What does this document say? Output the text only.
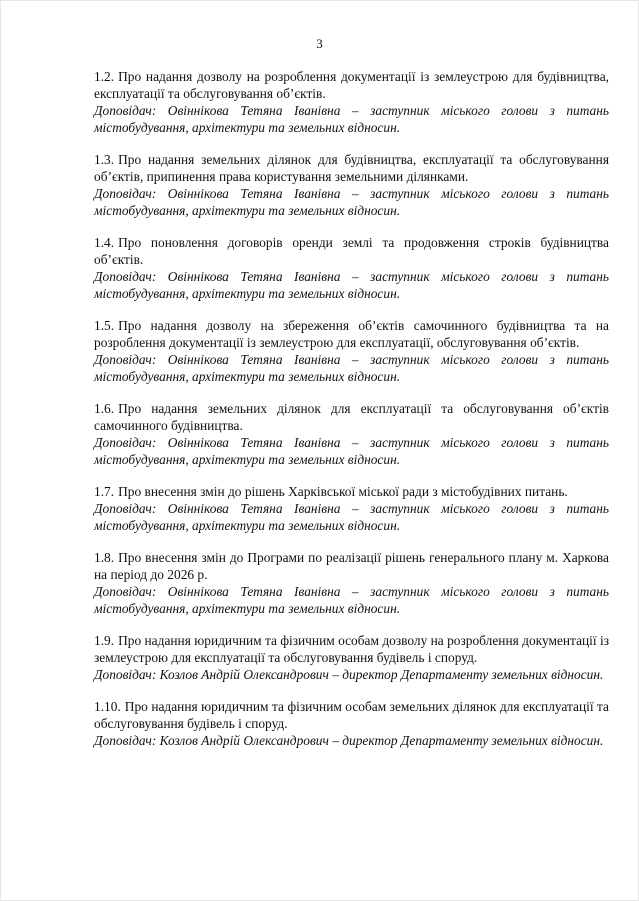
3

1.2. Про надання дозволу на розроблення документації із землеустрою для будівництва, експлуатації та обслуговування об’єктів.

Доповідач: Овіннікова Тетяна Іванівна – заступник міського голови з питань містобудування, архітектури та земельних відносин.

1.3. Про надання земельних ділянок для будівництва, експлуатації та обслуговування об’єктів, припинення права користування земельними ділянками.

Доповідач: Овіннікова Тетяна Іванівна – заступник міського голови з питань містобудування, архітектури та земельних відносин.

1.4. Про поновлення договорів оренди землі та продовження строків будівництва об’єктів.

Доповідач: Овіннікова Тетяна Іванівна – заступник міського голови з питань містобудування, архітектури та земельних відносин.

1.5. Про надання дозволу на збереження об’єктів самочинного будівництва та на розроблення документації із землеустрою для експлуатації, обслуговування об’єктів.

Доповідач: Овіннікова Тетяна Іванівна – заступник міського голови з питань містобудування, архітектури та земельних відносин.

1.6. Про надання земельних ділянок для експлуатації та обслуговування об’єктів самочинного будівництва.

Доповідач: Овіннікова Тетяна Іванівна – заступник міського голови з питань містобудування, архітектури та земельних відносин.

1.7. Про внесення змін до рішень Харківської міської ради з містобудівних питань.

Доповідач: Овіннікова Тетяна Іванівна – заступник міського голови з питань містобудування, архітектури та земельних відносин.

1.8. Про внесення змін до Програми по реалізації рішень генерального плану м. Харкова на період до 2026 р.

Доповідач: Овіннікова Тетяна Іванівна – заступник міського голови з питань містобудування, архітектури та земельних відносин.

1.9. Про надання юридичним та фізичним особам дозволу на розроблення документації із землеустрою для експлуатації та обслуговування будівель і споруд.

Доповідач: Козлов Андрій Олександрович – директор Департаменту земельних відносин.

1.10. Про надання юридичним та фізичним особам земельних ділянок для експлуатації та обслуговування будівель і споруд.

Доповідач: Козлов Андрій Олександрович – директор Департаменту земельних відносин.
